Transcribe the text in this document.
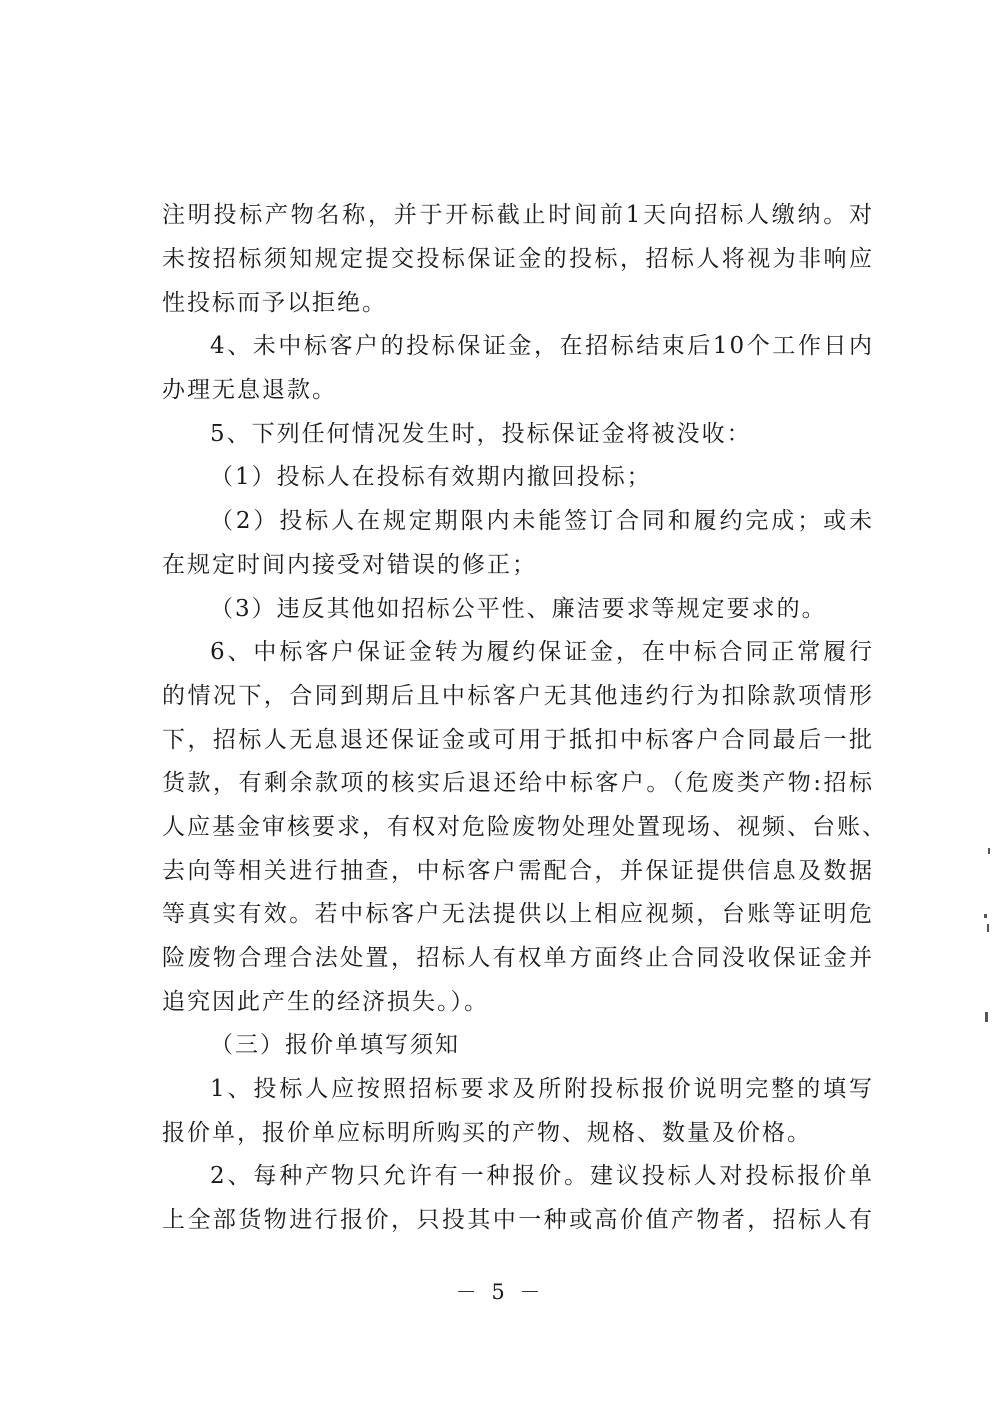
注明投标产物名称，并于开标截止时间前1天向招标人缴纳。对
未按招标须知规定提交投标保证金的投标，招标人将视为非响应
性投标而予以拒绝。
4、未中标客户的投标保证金，在招标结束后10个工作日内
办理无息退款。
5、下列任何情况发生时，投标保证金将被没收：
（1）投标人在投标有效期内撤回投标；
（2）投标人在规定期限内未能签订合同和履约完成；或未
在规定时间内接受对错误的修正；
（3）违反其他如招标公平性、廉洁要求等规定要求的。
6、中标客户保证金转为履约保证金，在中标合同正常履行
的情况下，合同到期后且中标客户无其他违约行为扣除款项情形
下，招标人无息退还保证金或可用于抵扣中标客户合同最后一批
货款，有剩余款项的核实后退还给中标客户。（危废类产物:招标
人应基金审核要求，有权对危险废物处理处置现场、视频、台账、
去向等相关进行抽查，中标客户需配合，并保证提供信息及数据
等真实有效。若中标客户无法提供以上相应视频，台账等证明危
险废物合理合法处置，招标人有权单方面终止合同没收保证金并
追究因此产生的经济损失。）。
（三）报价单填写须知
1、投标人应按照招标要求及所附投标报价说明完整的填写
报价单，报价单应标明所购买的产物、规格、数量及价格。
2、每种产物只允许有一种报价。建议投标人对投标报价单
上全部货物进行报价，只投其中一种或高价值产物者，招标人有
－ 5 －
